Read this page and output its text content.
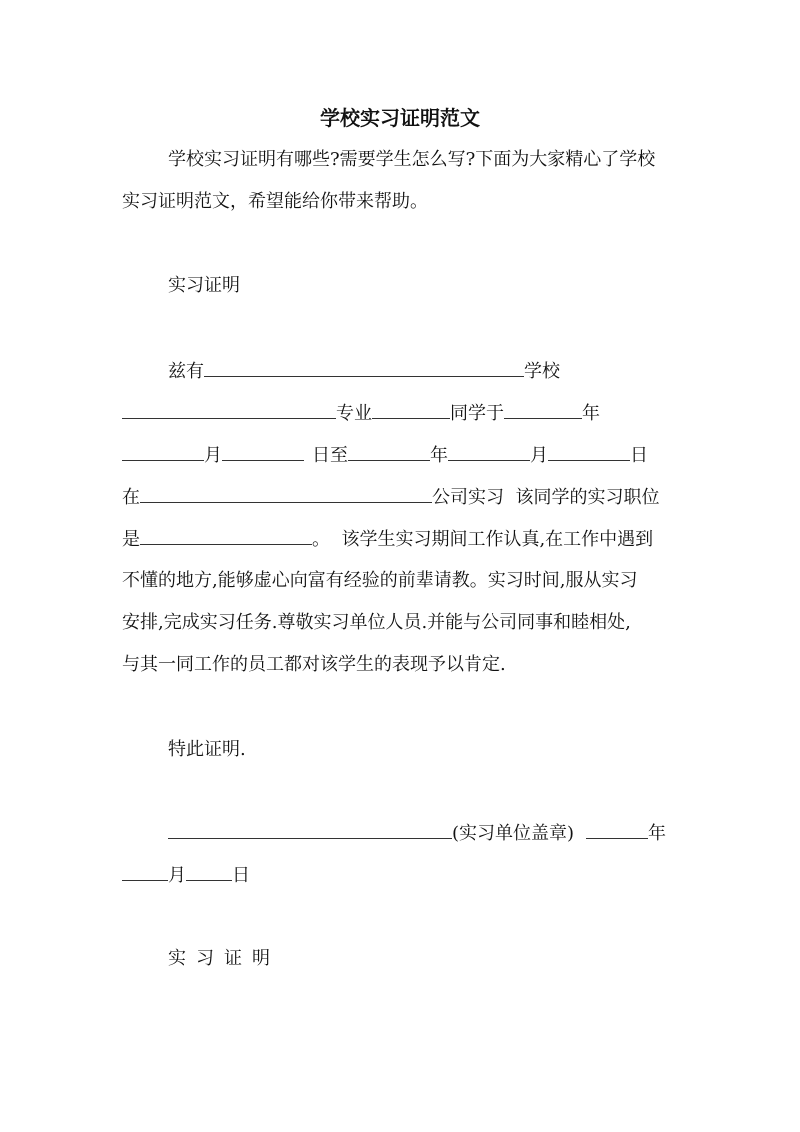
学校实习证明范文
学校实习证明有哪些?需要学生怎么写?下面为大家精心了学校
实习证明范文，希望能给你带来帮助。
实习证明
兹有	学校
专业	同学于	年
月	日至	年	月	日
在	公司实习  该同学的实习职位
是	。  该学生实习期间工作认真,在工作中遇到
不懂的地方,能够虚心向富有经验的前辈请教。实习时间,服从实习
安排,完成实习任务.尊敬实习单位人员.并能与公司同事和睦相处,
与其一同工作的员工都对该学生的表现予以肯定.
特此证明.
(实习单位盖章)	年
月	日
实习证明
